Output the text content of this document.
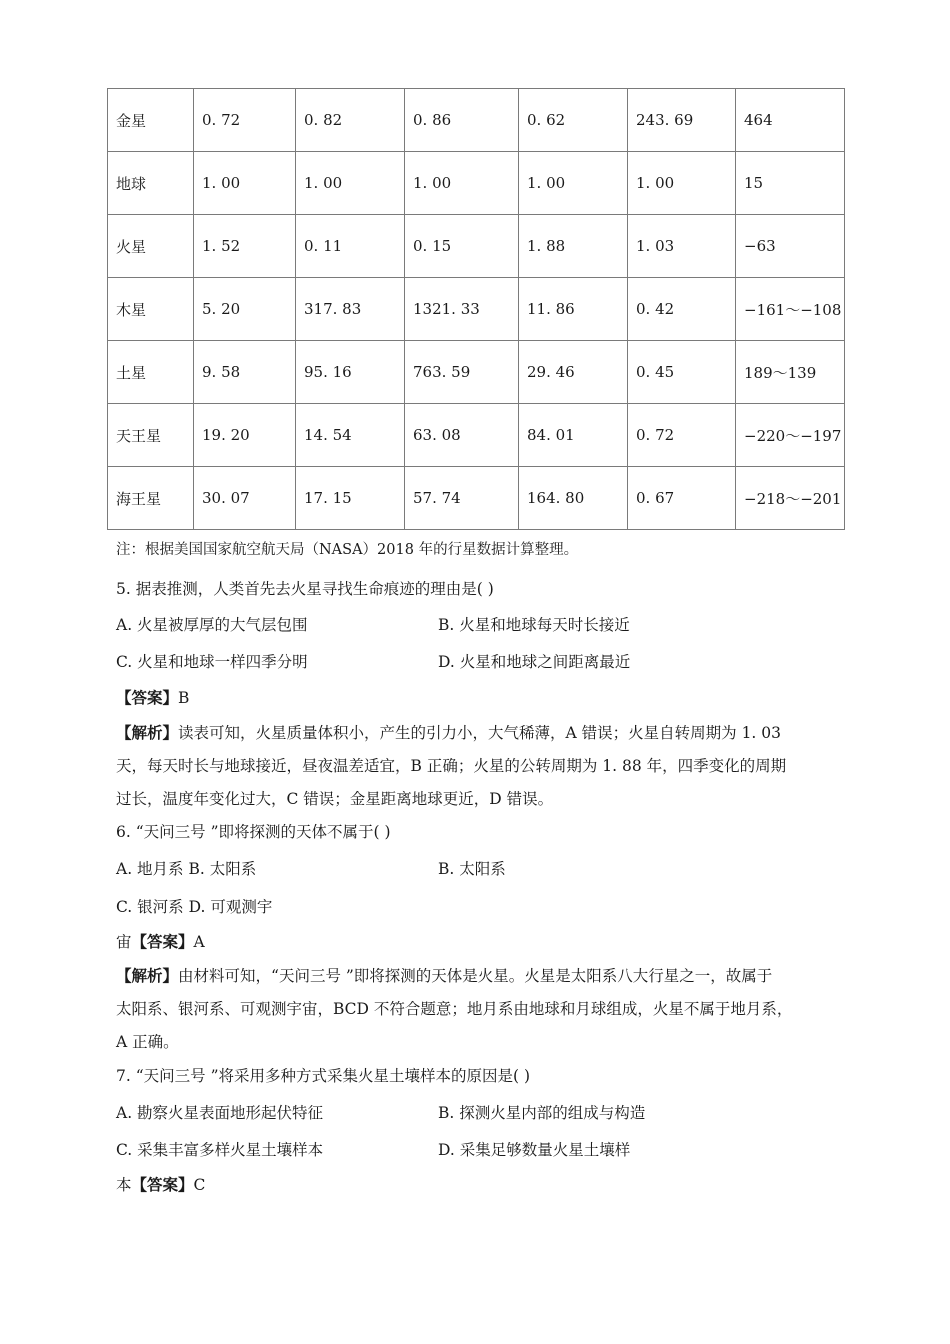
金星	0. 72	0. 82	0. 86	0. 62	243. 69	464
地球	1. 00	1. 00	1. 00	1. 00	1. 00	15
火星	1. 52	0. 11	0. 15	1. 88	1. 03	−63
木星	5. 20	317. 83	1321. 33	11. 86	0. 42	−161～−108
土星	9. 58	95. 16	763. 59	29. 46	0. 45	189～139
天王星	19. 20	14. 54	63. 08	84. 01	0. 72	−220～−197
海王星	30. 07	17. 15	57. 74	164. 80	0. 67	−218～−201
注：根据美国国家航空航天局（NASA）2018 年的行星数据计算整理。
5. 据表推测，人类首先去火星寻找生命痕迹的理由是( )
A. 火星被厚厚的大气层包围	B. 火星和地球每天时长接近
C. 火星和地球一样四季分明	D. 火星和地球之间距离最近
【答案】B
【解析】读表可知，火星质量体积小，产生的引力小，大气稀薄，A 错误；火星自转周期为 1. 03
天，每天时长与地球接近，昼夜温差适宜，B 正确；火星的公转周期为 1. 88 年，四季变化的周期
过长，温度年变化过大，C 错误；金星距离地球更近，D 错误。
6. “天问三号 ”即将探测的天体不属于( )
A. 地月系 B. 太阳系	B. 太阳系
C. 银河系 D. 可观测宇
宙【答案】A
【解析】由材料可知，“天问三号 ”即将探测的天体是火星。火星是太阳系八大行星之一，故属于
太阳系、银河系、可观测宇宙，BCD 不符合题意；地月系由地球和月球组成，火星不属于地月系，
A 正确。
7. “天问三号 ”将采用多种方式采集火星土壤样本的原因是( )
A. 勘察火星表面地形起伏特征	B. 探测火星内部的组成与构造
C. 采集丰富多样火星土壤样本	D. 采集足够数量火星土壤样
本【答案】C
